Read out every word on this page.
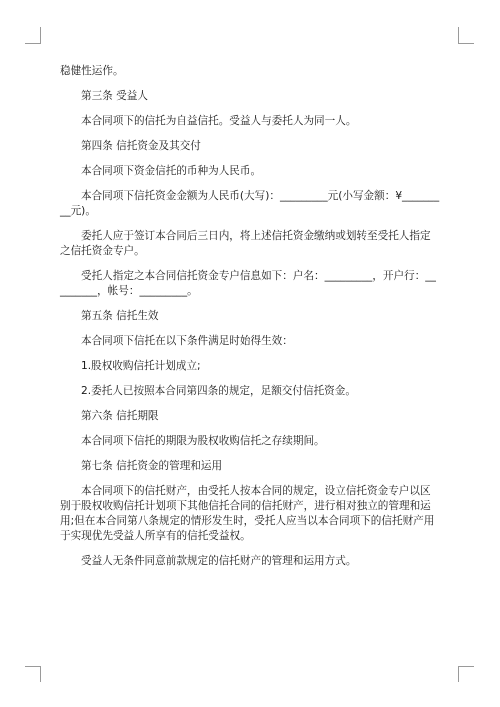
稳健性运作。

第三条 受益人

本合同项下的信托为自益信托。受益人与委托人为同一人。

第四条 信托资金及其交付

本合同项下资金信托的币种为人民币。

本合同项下信托资金金额为人民币(大写)：_________元(小写金额：¥_________元)。

委托人应于签订本合同后三日内，将上述信托资金缴纳或划转至受托人指定之信托资金专户。

受托人指定之本合同信托资金专户信息如下：户名：_________，开户行：_________，帐号：_________。

第五条 信托生效

本合同项下信托在以下条件满足时始得生效：

1.股权收购信托计划成立;

2.委托人已按照本合同第四条的规定，足额交付信托资金。

第六条 信托期限

本合同项下信托的期限为股权收购信托之存续期间。

第七条 信托资金的管理和运用

本合同项下的信托财产，由受托人按本合同的规定，设立信托资金专户以区别于股权收购信托计划项下其他信托合同的信托财产，进行相对独立的管理和运用;但在本合同第八条规定的情形发生时，受托人应当以本合同项下的信托财产用于实现优先受益人所享有的信托受益权。

受益人无条件同意前款规定的信托财产的管理和运用方式。
